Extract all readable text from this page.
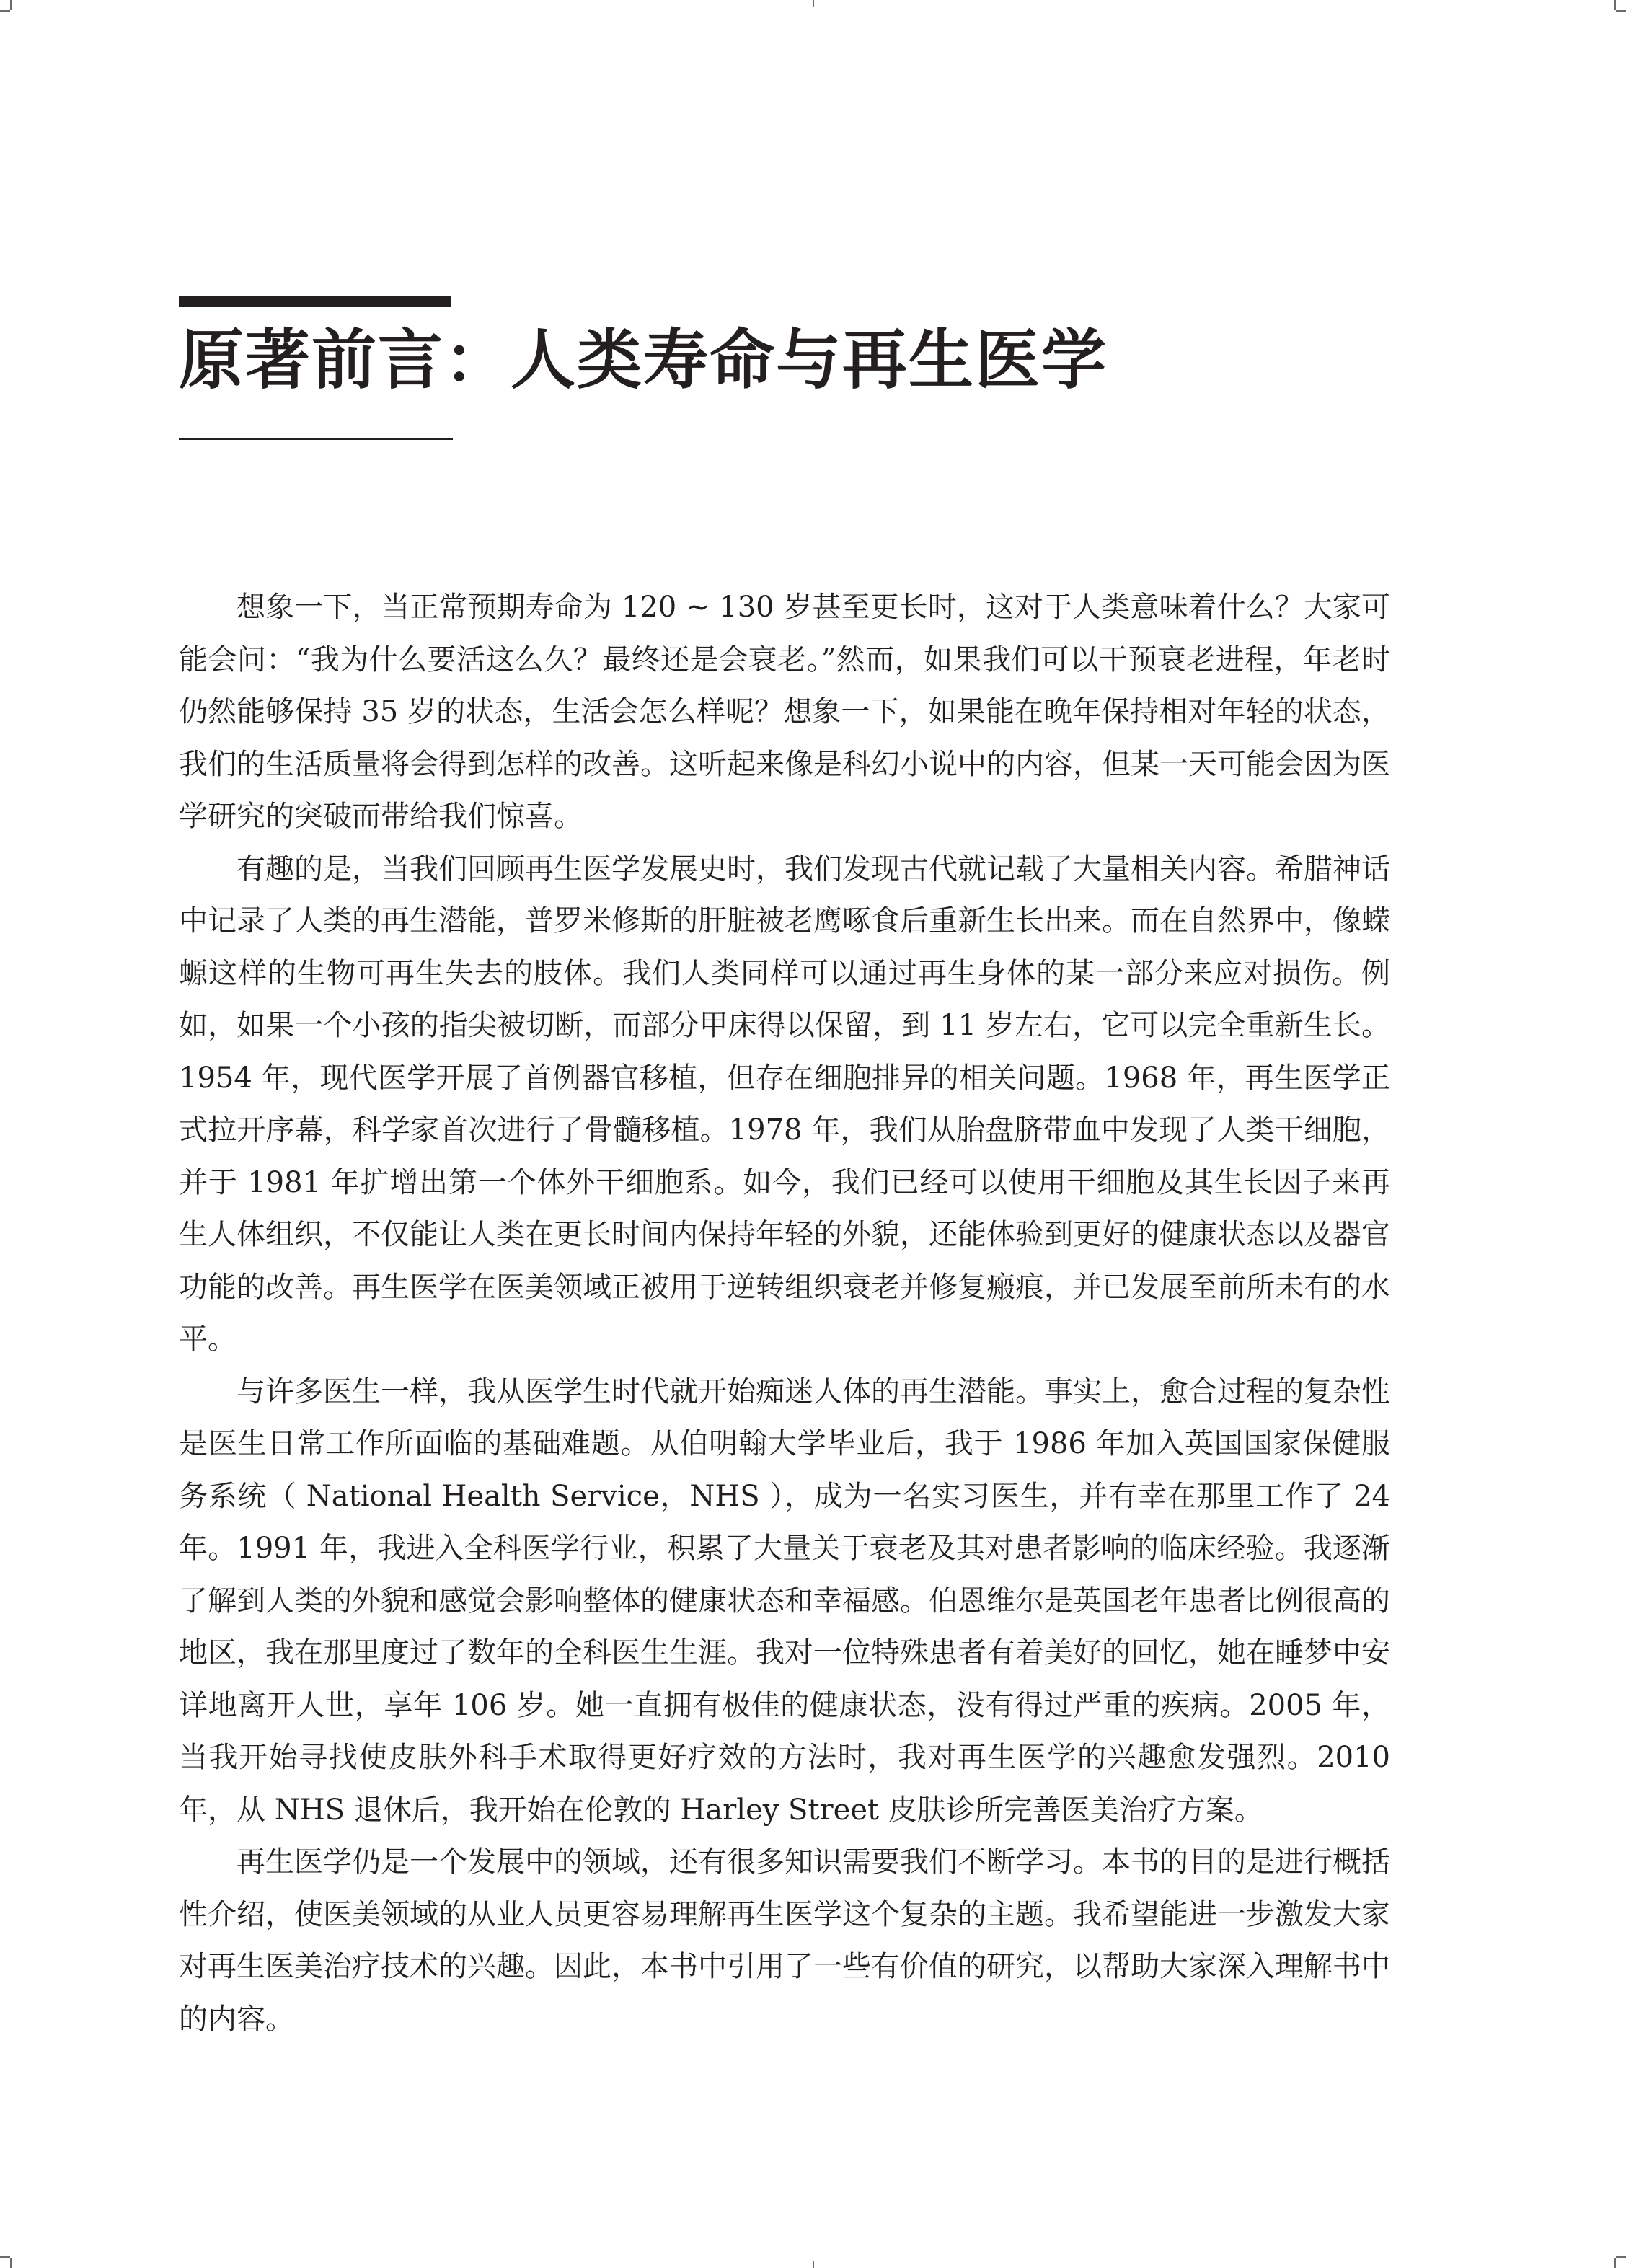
原著前言：人类寿命与再生医学

想象一下，当正常预期寿命为 120 ~ 130 岁甚至更长时，这对于人类意味着什么？大家可能会问：“我为什么要活这么久？最终还是会衰老。”然而，如果我们可以干预衰老进程，年老时仍然能够保持 35 岁的状态，生活会怎么样呢？想象一下，如果能在晚年保持相对年轻的状态，我们的生活质量将会得到怎样的改善。这听起来像是科幻小说中的内容，但某一天可能会因为医学研究的突破而带给我们惊喜。

有趣的是，当我们回顾再生医学发展史时，我们发现古代就记载了大量相关内容。希腊神话中记录了人类的再生潜能，普罗米修斯的肝脏被老鹰啄食后重新生长出来。而在自然界中，像蝾螈这样的生物可再生失去的肢体。我们人类同样可以通过再生身体的某一部分来应对损伤。例如，如果一个小孩的指尖被切断，而部分甲床得以保留，到 11 岁左右，它可以完全重新生长。1954 年，现代医学开展了首例器官移植，但存在细胞排异的相关问题。1968 年，再生医学正式拉开序幕，科学家首次进行了骨髓移植。1978 年，我们从胎盘脐带血中发现了人类干细胞，并于 1981 年扩增出第一个体外干细胞系。如今，我们已经可以使用干细胞及其生长因子来再生人体组织，不仅能让人类在更长时间内保持年轻的外貌，还能体验到更好的健康状态以及器官功能的改善。再生医学在医美领域正被用于逆转组织衰老并修复瘢痕，并已发展至前所未有的水平。

与许多医生一样，我从医学生时代就开始痴迷人体的再生潜能。事实上，愈合过程的复杂性是医生日常工作所面临的基础难题。从伯明翰大学毕业后，我于 1986 年加入英国国家保健服务系统（ National Health Service，NHS ），成为一名实习医生，并有幸在那里工作了 24 年。1991 年，我进入全科医学行业，积累了大量关于衰老及其对患者影响的临床经验。我逐渐了解到人类的外貌和感觉会影响整体的健康状态和幸福感。伯恩维尔是英国老年患者比例很高的地区，我在那里度过了数年的全科医生生涯。我对一位特殊患者有着美好的回忆，她在睡梦中安详地离开人世，享年 106 岁。她一直拥有极佳的健康状态，没有得过严重的疾病。2005 年，当我开始寻找使皮肤外科手术取得更好疗效的方法时，我对再生医学的兴趣愈发强烈。2010 年，从 NHS 退休后，我开始在伦敦的 Harley Street 皮肤诊所完善医美治疗方案。

再生医学仍是一个发展中的领域，还有很多知识需要我们不断学习。本书的目的是进行概括性介绍，使医美领域的从业人员更容易理解再生医学这个复杂的主题。我希望能进一步激发大家对再生医美治疗技术的兴趣。因此，本书中引用了一些有价值的研究，以帮助大家深入理解书中的内容。
